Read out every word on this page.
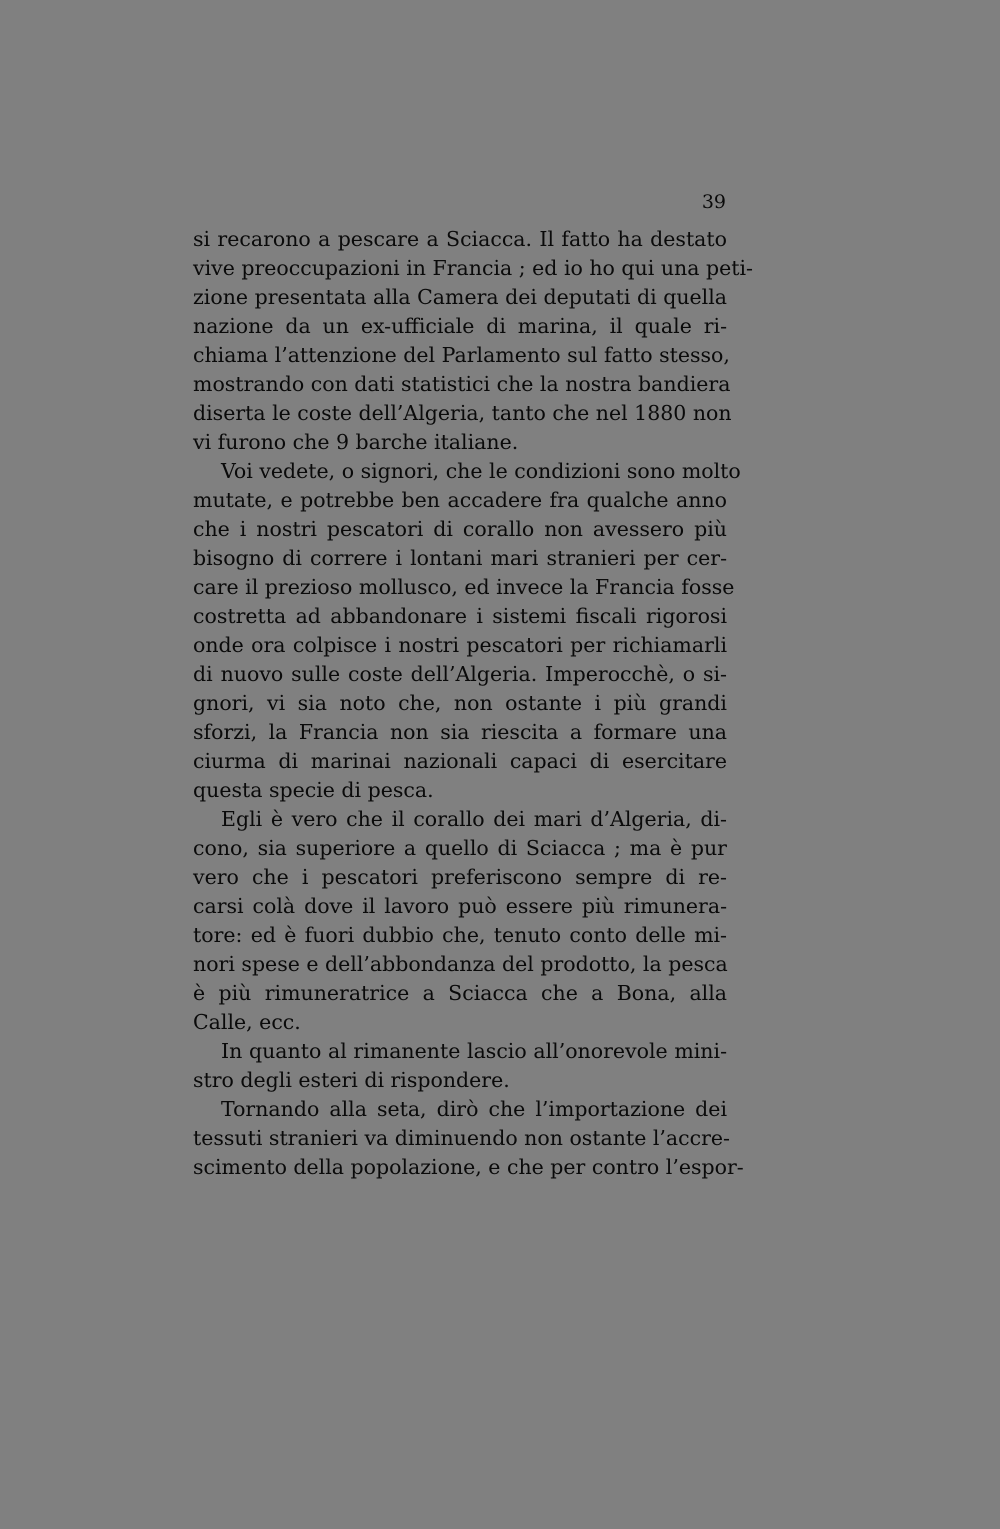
39
si recarono a pescare a Sciacca. Il fatto ha destato
vive preoccupazioni in Francia ; ed io ho qui una peti-
zione presentata alla Camera dei deputati di quella
nazione da un ex-ufficiale di marina, il quale ri-
chiama l’attenzione del Parlamento sul fatto stesso,
mostrando con dati statistici che la nostra bandiera
diserta le coste dell’Algeria, tanto che nel 1880 non
vi furono che 9 barche italiane.
Voi vedete, o signori, che le condizioni sono molto
mutate, e potrebbe ben accadere fra qualche anno
che i nostri pescatori di corallo non avessero più
bisogno di correre i lontani mari stranieri per cer-
care il prezioso mollusco, ed invece la Francia fosse
costretta ad abbandonare i sistemi fiscali rigorosi
onde ora colpisce i nostri pescatori per richiamarli
di nuovo sulle coste dell’Algeria. Imperocchè, o si-
gnori, vi sia noto che, non ostante i più grandi
sforzi, la Francia non sia riescita a formare una
ciurma di marinai nazionali capaci di esercitare
questa specie di pesca.
Egli è vero che il corallo dei mari d’Algeria, di-
cono, sia superiore a quello di Sciacca ; ma è pur
vero che i pescatori preferiscono sempre di re-
carsi colà dove il lavoro può essere più rimunera-
tore: ed è fuori dubbio che, tenuto conto delle mi-
nori spese e dell’abbondanza del prodotto, la pesca
è più rimuneratrice a Sciacca che a Bona, alla
Calle, ecc.
In quanto al rimanente lascio all’onorevole mini-
stro degli esteri di rispondere.
Tornando alla seta, dirò che l’importazione dei
tessuti stranieri va diminuendo non ostante l’accre-
scimento della popolazione, e che per contro l’espor-
